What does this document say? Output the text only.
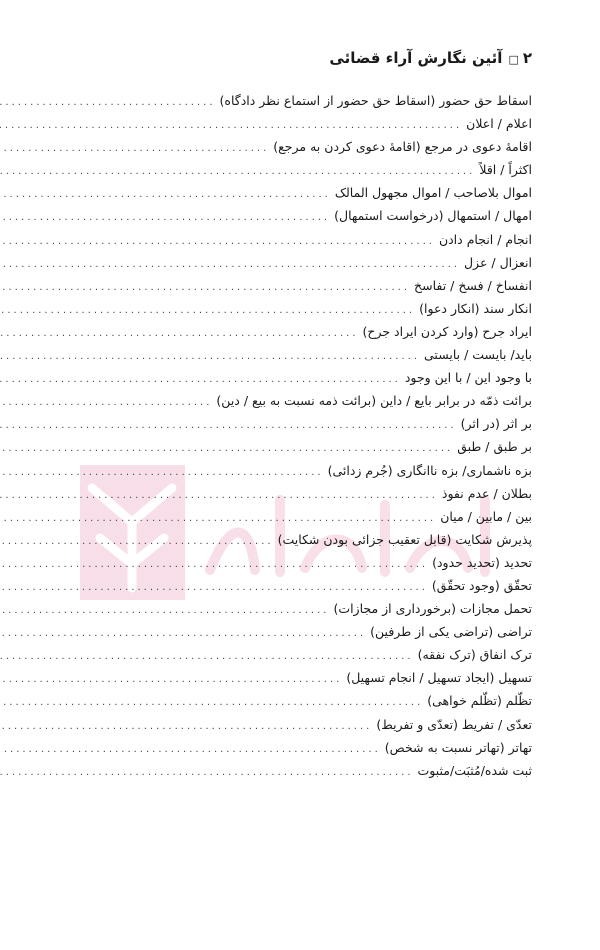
۲□آئین نگارش آراء قضائی
اسقاط حق حضور (اسقاط حق حضور از استماع نظر دادگاه)
.....
اعلام / اعلان
.....
اقامهٔ دعوی در مرجع (اقامهٔ دعوی کردن به مرجع)
.....
اکثراً / اقلاً
.....
اموال بلاصاحب / اموال مجهول المالک
.....
امهال / استمهال (درخواست استمهال)
.....
انجام / انجام دادن
.....
انعزال / عزل
.....
انفساخ / فسخ / تفاسخ
.....
انکار سند (انکار دعوا)
.....
ایراد جرح (وارد کردن ایراد جرح)
.....
باید/ بایست / بایستی
.....
با وجود این / با این وجود
.....
برائت ذمّه در برابر بایع / داین (برائت ذمه نسبت به بیع / دین)
.....
بر اثر (در اثر)
.....
بر طبق / طبق
.....
بزه ناشماری/ بزه ناانگاری (جُرم زدائی)
.....
بطلان / عدم نفوذ
.....
بین / مابین / میان
.....
پذیرش شکایت (قابل تعقیب جزائی بودن شکایت)
.....
تحدید (تحدید حدود)
.....
تحقّق (وجود تحقّق)
.....
تحمل مجازات (برخورداری از مجازات)
.....
تراضی (تراضی یکی از طرفین)
.....
ترک انفاق (ترک نفقه)
.....
تسهیل (ایجاد تسهیل / انجام تسهیل)
.....
تظّلم (تظّلم خواهی)
.....
تعدّی / تفریط (تعدّی و تفریط)
.....
تهاتر (تهاتر نسبت به شخص)
.....
ثبت شده/مُثبَت/مثبوت
.....
